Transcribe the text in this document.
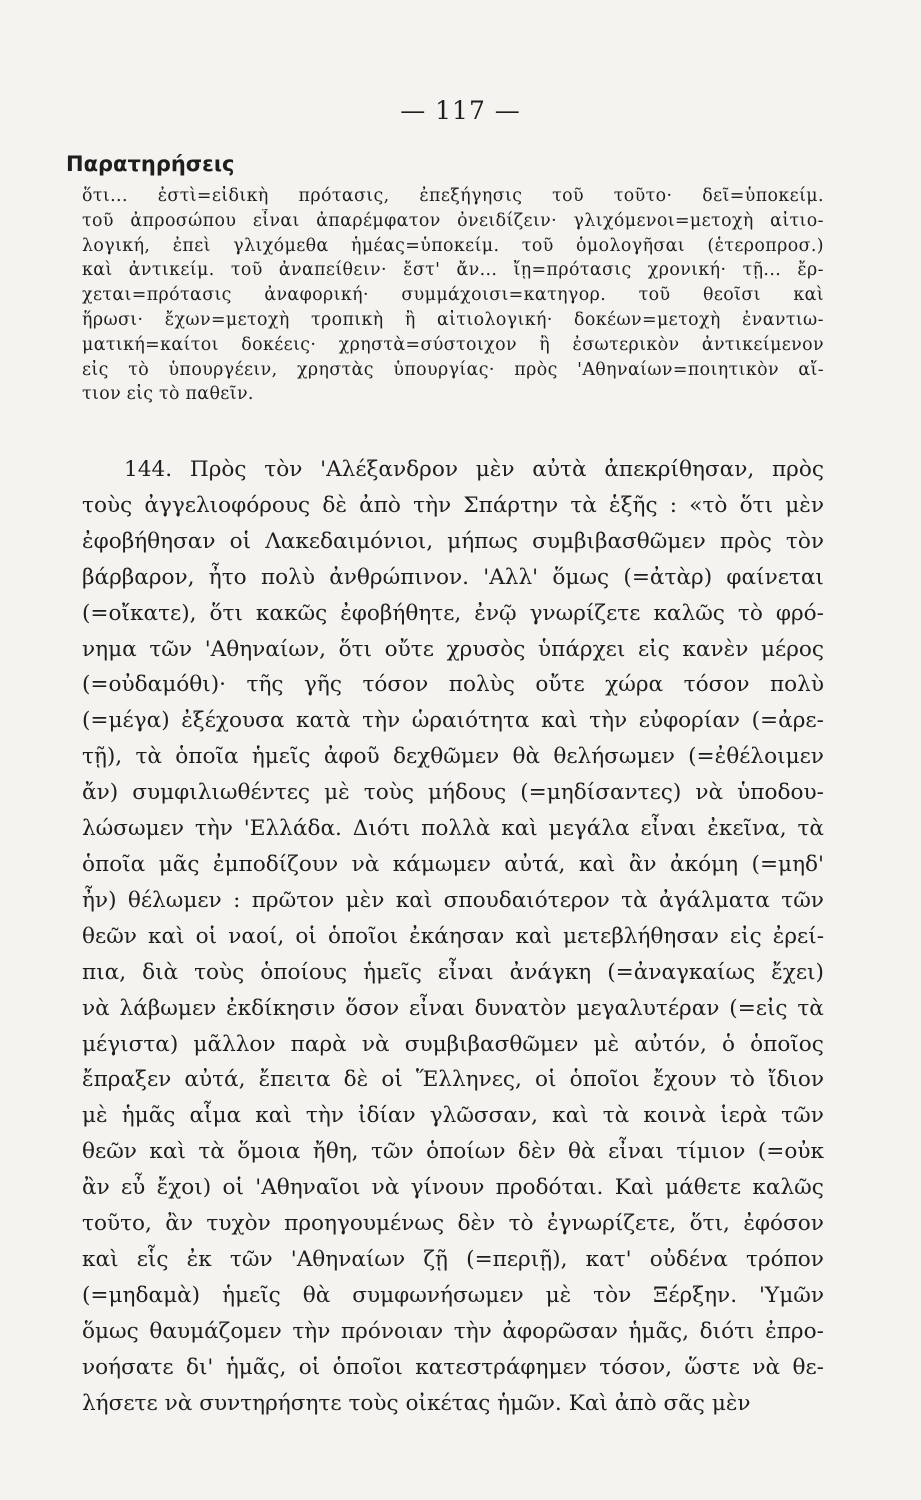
— 117 —
Παρατηρήσεις
ὅτι... ἐστὶ=εἰδικὴ πρότασις, ἐπεξήγησις τοῦ τοῦτο· δεῖ=ὑποκείμ.
τοῦ ἀπροσώπου εἶναι ἀπαρέμφατον ὀνειδίζειν· γλιχόμενοι=μετοχὴ αἰτιο-
λογική, ἐπεὶ γλιχόμεθα ἡμέας=ὑποκείμ. τοῦ ὁμολογῆσαι (ἑτεροπροσ.)
καὶ ἀντικείμ. τοῦ ἀναπείθειν· ἔστ' ἄν... ἴῃ=πρότασις χρονική· τῇ... ἔρ-
χεται=πρότασις ἀναφορική· συμμάχοισι=κατηγορ. τοῦ θεοῖσι καὶ
ἥρωσι· ἔχων=μετοχὴ τροπικὴ ἢ αἰτιολογική· δοκέων=μετοχὴ ἐναντιω-
ματική=καίτοι δοκέεις· χρηστὰ=σύστοιχον ἢ ἐσωτερικὸν ἀντικείμενον
εἰς τὸ ὑπουργέειν, χρηστὰς ὑπουργίας· πρὸς 'Αθηναίων=ποιητικὸν αἴ-
τιον εἰς τὸ παθεῖν.
144. Πρὸς τὸν 'Αλέξανδρον μὲν αὐτὰ ἀπεκρίθησαν, πρὸς
τοὺς ἀγγελιοφόρους δὲ ἀπὸ τὴν Σπάρτην τὰ ἑξῆς : «τὸ ὅτι μὲν
ἐφοβήθησαν οἱ Λακεδαιμόνιοι, μήπως συμβιβασθῶμεν πρὸς τὸν
βάρβαρον, ἦτο πολὺ ἀνθρώπινον. 'Αλλ' ὅμως (=ἀτὰρ) φαίνεται
(=οἴκατε), ὅτι κακῶς ἐφοβήθητε, ἐνῷ γνωρίζετε καλῶς τὸ φρό-
νημα τῶν 'Αθηναίων, ὅτι οὔτε χρυσὸς ὑπάρχει εἰς κανὲν μέρος
(=οὐδαμόθι)· τῆς γῆς τόσον πολὺς οὔτε χώρα τόσον πολὺ
(=μέγα) ἐξέχουσα κατὰ τὴν ὡραιότητα καὶ τὴν εὐφορίαν (=ἀρε-
τῇ), τὰ ὁποῖα ἡμεῖς ἀφοῦ δεχθῶμεν θὰ θελήσωμεν (=ἐθέλοιμεν
ἄν) συμφιλιωθέντες μὲ τοὺς μήδους (=μηδίσαντες) νὰ ὑποδου-
λώσωμεν τὴν 'Ελλάδα. Διότι πολλὰ καὶ μεγάλα εἶναι ἐκεῖνα, τὰ
ὁποῖα μᾶς ἐμποδίζουν νὰ κάμωμεν αὐτά, καὶ ἂν ἀκόμη (=μηδ'
ἦν) θέλωμεν : πρῶτον μὲν καὶ σπουδαιότερον τὰ ἀγάλματα τῶν
θεῶν καὶ οἱ ναοί, οἱ ὁποῖοι ἐκάησαν καὶ μετεβλήθησαν εἰς ἐρεί-
πια, διὰ τοὺς ὁποίους ἡμεῖς εἶναι ἀνάγκη (=ἀναγκαίως ἔχει)
νὰ λάβωμεν ἐκδίκησιν ὅσον εἶναι δυνατὸν μεγαλυτέραν (=εἰς τὰ
μέγιστα) μᾶλλον παρὰ νὰ συμβιβασθῶμεν μὲ αὐτόν, ὁ ὁποῖος
ἔπραξεν αὐτά, ἔπειτα δὲ οἱ Ἕλληνες, οἱ ὁποῖοι ἔχουν τὸ ἴδιον
μὲ ἡμᾶς αἷμα καὶ τὴν ἰδίαν γλῶσσαν, καὶ τὰ κοινὰ ἱερὰ τῶν
θεῶν καὶ τὰ ὅμοια ἤθη, τῶν ὁποίων δὲν θὰ εἶναι τίμιον (=οὐκ
ἂν εὖ ἔχοι) οἱ 'Αθηναῖοι νὰ γίνουν προδόται. Καὶ μάθετε καλῶς
τοῦτο, ἂν τυχὸν προηγουμένως δὲν τὸ ἐγνωρίζετε, ὅτι, ἐφόσον
καὶ εἷς ἐκ τῶν 'Αθηναίων ζῇ (=περιῇ), κατ' οὐδένα τρόπον
(=μηδαμὰ) ἡμεῖς θὰ συμφωνήσωμεν μὲ τὸν Ξέρξην. 'Υμῶν
ὅμως θαυμάζομεν τὴν πρόνοιαν τὴν ἀφορῶσαν ἡμᾶς, διότι ἐπρο-
νοήσατε δι' ἡμᾶς, οἱ ὁποῖοι κατεστράφημεν τόσον, ὥστε νὰ θε-
λήσετε νὰ συντηρήσητε τοὺς οἰκέτας ἡμῶν. Καὶ ἀπὸ σᾶς μὲν
